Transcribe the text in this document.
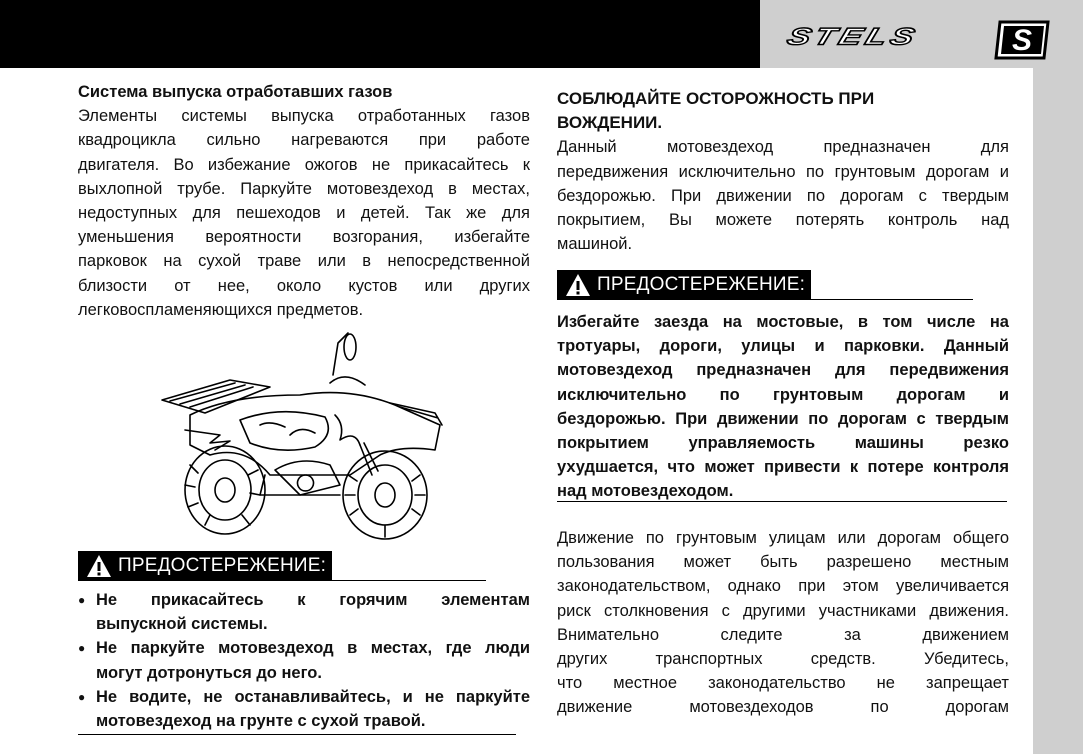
STELS	S

Система выпуска отработавших газов

Элементы системы выпуска отработанных газов
квадроцикла сильно нагреваются при работе
двигателя. Во избежание ожогов не прикасайтесь к
выхлопной трубе. Паркуйте мотовездеход в местах,
недоступных для пешеходов и детей. Так же для
уменьшения вероятности возгорания, избегайте
парковок на сухой траве или в непосредственной
близости от нее, около кустов или других
легковоспламеняющихся предметов.
ПРЕДОСТЕРЕЖЕНИЕ:
● Не прикасайтесь к горячим элементам
выпускной системы.
● Не паркуйте мотовездеход в местах, где люди
могут дотронуться до него.
● Не водите, не останавливайтесь, и не паркуйте
мотовездеход на грунте с сухой травой.
СОБЛЮДАЙТЕ ОСТОРОЖНОСТЬ ПРИ
ВОЖДЕНИИ.
Данный мотовездеход предназначен для
передвижения исключительно по грунтовым дорогам и
бездорожью. При движении по дорогам с твердым
покрытием, Вы можете потерять контроль над
машиной.
ПРЕДОСТЕРЕЖЕНИЕ:
Избегайте заезда на мостовые, в том числе на
тротуары, дороги, улицы и парковки. Данный
мотовездеход предназначен для передвижения
исключительно по грунтовым дорогам и
бездорожью. При движении по дорогам с твердым
покрытием управляемость машины резко
ухудшается, что может привести к потере контроля
над мотовездеходом.
Движение по грунтовым улицам или дорогам общего
пользования может быть разрешено местным
законодательством, однако при этом увеличивается
риск столкновения с другими участниками движения.
Внимательно следите за движением
других транспортных средств. Убедитесь,
что местное законодательство не запрещает
движение мотовездеходов по дорогам
